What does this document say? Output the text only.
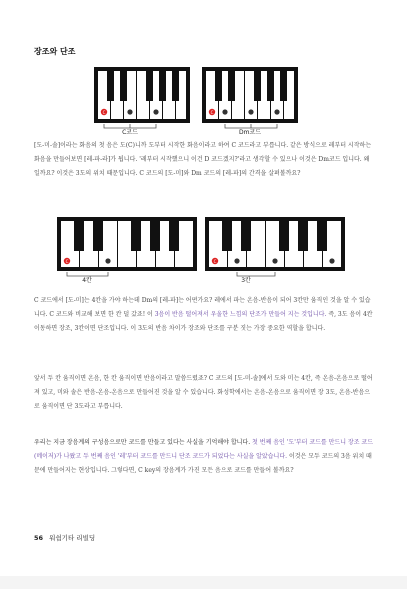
장조와 단조
C
C코드
C
Dm코드

[도-미-솔]이라는 화음의 첫 음은 도(C)니까 도부터 시작한 화음이라고 하여 C 코드라고 부릅니다. 같은 방식으로 레부터 시작하는 화음을 만들어보면 [레-파-라]가 됩니다. '레부터 시작했으니 이건 D 코드겠지?'라고 생각할 수 있으나 이것은 Dm코드 입니다. 왜일까요? 이것은 3도의 위치 때문입니다. C 코드의 [도-미]와 Dm 코드의 [레-파]의 간격을 살펴볼까요?

C
4칸
C
3칸

C 코드에서 [도-미]는 4칸을 가야 하는데 Dm의 [레-파]는 어떤가요? 레에서 파는 온음-반음이 되어 3칸만 움직인 것을 알 수 있습니다. C 코드와 비교해 보면 한 칸 덜 갔죠! 이 3음이 반음 떨어져서 우울한 느낌의 단조가 만들어 지는 것입니다. 즉, 3도 음이 4칸 이동하면 장조, 3칸이면 단조입니다. 이 3도의 반음 차이가 장조와 단조를 구분 짓는 가장 중요한 역할을 합니다.

앞서 두 칸 움직이면 온음, 한 칸 움직이면 반음이라고 말씀드렸죠? C 코드의 [도-미-솔]에서 도와 미는 4칸, 즉 온음-온음으로 떨어져 있고, 미와 솔은 반음-온음-온음으로 만들어진 것을 알 수 있습니다. 화성학에서는 온음-온음으로 움직이면 장 3도, 온음-반음으로 움직이면 단 3도라고 부릅니다.

우리는 지금 장음계의 구성음으로만 코드를 만들고 있다는 사실을 기억해야 합니다. 첫 번째 음인 '도'부터 코드를 만드니 장조 코드(메이저)가 나왔고 두 번째 음인 '레'부터 코드를 만드니 단조 코드가 되었다는 사실을 알았습니다. 이것은 모두 코드의 3음 위치 때문에 만들어지는 현상입니다. 그렇다면, C key의 장음계가 가진 모든 음으로 코드를 만들어 볼까요?

56 워쉽기타 리빌딩
